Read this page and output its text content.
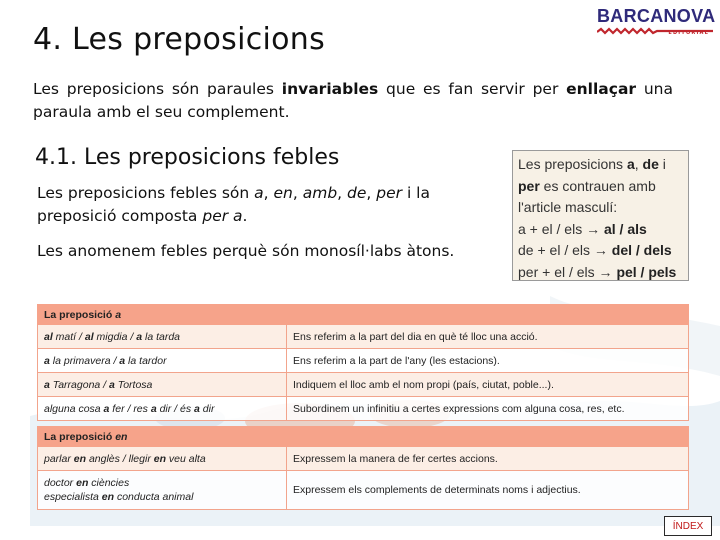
4. Les preposicions
BARCANOVA
EDITORIAL

Les preposicions són paraules invariables que es fan servir per enllaçar una paraula amb el seu complement.

4.1. Les preposicions febles

Les preposicions febles són a, en, amb, de, per i la preposició composta per a.

Les anomenem febles perquè són monosíl·labs àtons.

Les preposicions a, de i
per es contrauen amb
l'article masculí:
a + el / els → al / als
de + el / els → del / dels
per + el / els → pel / pels
La preposició a	
al matí / al migdia / a la tarda	Ens referim a la part del dia en què té lloc una acció.
a la primavera / a la tardor	Ens referim a la part de l'any (les estacions).
a Tarragona / a Tortosa	Indiquem el lloc amb el nom propi (país, ciutat, poble...).
alguna cosa a fer / res a dir / és a dir	Subordinem un infinitiu a certes expressions com alguna cosa, res, etc.
La preposició en	
parlar en anglès / llegir en veu alta	Expressem la manera de fer certes accions.
doctor en ciències
especialista en conducta animal	Expressem els complements de determinats noms i adjectius.
ÍNDEX
